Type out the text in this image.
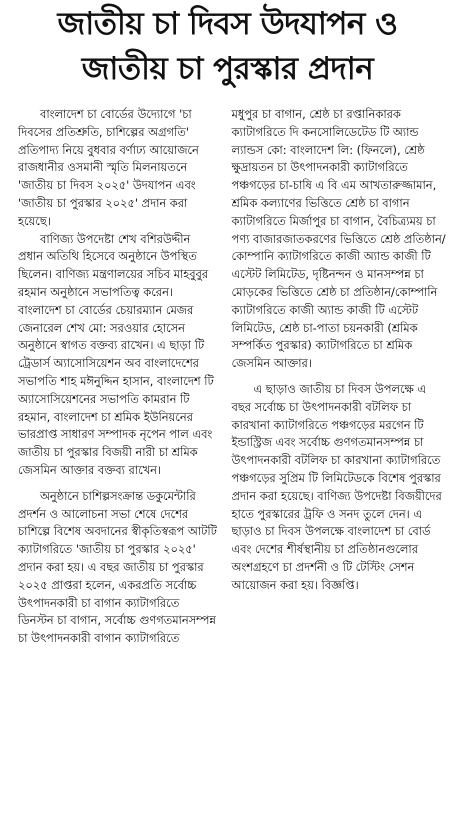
জাতীয় চা দিবস উদযাপন ও
জাতীয় চা পুরস্কার প্রদান

বাংলাদেশ চা বোর্ডের উদ্যোগে 'চা দিবসের প্রতিশ্রুতি, চাশিল্পের অগ্রগতি' প্রতিপাদ্য নিয়ে বুধবার বর্ণাঢ্য আয়োজনে রাজধানীর ওসমানী স্মৃতি মিলনায়তনে 'জাতীয় চা দিবস ২০২৫' উদযাপন এবং 'জাতীয় চা পুরস্কার ২০২৫' প্রদান করা হয়েছে।

বাণিজ্য উপদেষ্টা শেখ বশিরউদ্দীন প্রধান অতিথি হিসেবে অনুষ্ঠানে উপস্থিত ছিলেন। বাণিজ্য মন্ত্রণালয়ের সচিব মাহবুবুর রহমান অনুষ্ঠানে সভাপতিত্ব করেন। বাংলাদেশ চা বোর্ডের চেয়ারম্যান মেজর জেনারেল শেখ মো: সরওয়ার হোসেন অনুষ্ঠানে স্বাগত বক্তব্য রাখেন। এ ছাড়া টি ট্রেডার্স অ্যাসোসিয়েশন অব বাংলাদেশের সভাপতি শাহ মঈনুদ্দিন হাসান, বাংলাদেশ টি অ্যাসোসিয়েশনের সভাপতি কামরান টি রহমান, বাংলাদেশ চা শ্রমিক ইউনিয়নের ভারপ্রাপ্ত সাধারণ সম্পাদক নৃপেন পাল এবং জাতীয় চা পুরস্কার বিজয়ী নারী চা শ্রমিক জেসমিন আক্তার বক্তব্য রাখেন।

অনুষ্ঠানে চাশিল্পসংক্রান্ত ডকুমেন্টারি প্রদর্শন ও আলোচনা সভা শেষে দেশের চাশিল্পে বিশেষ অবদানের স্বীকৃতিস্বরূপ আটটি ক্যাটাগরিতে 'জাতীয় চা পুরস্কার ২০২৫' প্রদান করা হয়। এ বছর জাতীয় চা পুরস্কার ২০২৫ প্রাপ্তরা হলেন, একরপ্রতি সর্বোচ্চ উৎপাদনকারী চা বাগান ক্যাটাগরিতে ডিনস্টন চা বাগান, সর্বোচ্চ গুণগতমানসম্পন্ন চা উৎপাদনকারী বাগান ক্যাটাগরিতে

মধুপুর চা বাগান, শ্রেষ্ঠ চা রপ্তানিকারক ক্যাটাগরিতে দি কনসোলিডেটেড টি অ্যান্ড ল্যান্ডস কো: বাংলাদেশ লি: (ফিনলে), শ্রেষ্ঠ ক্ষুদ্রায়তন চা উৎপাদনকারী ক্যাটাগরিতে পঞ্চগড়ের চা-চাষি এ বি এম আখতারুজ্জামান, শ্রমিক কল্যাণের ভিত্তিতে শ্রেষ্ঠ চা বাগান ক্যাটাগরিতে মির্জাপুর চা বাগান, বৈচিত্র্যময় চা পণ্য বাজারজাতকরণের ভিত্তিতে শ্রেষ্ঠ প্রতিষ্ঠান/কোম্পানি ক্যাটাগরিতে কাজী অ্যান্ড কাজী টি এস্টেট লিমিটেড, দৃষ্টিনন্দন ও মানসম্পন্ন চা মোড়কের ভিত্তিতে শ্রেষ্ঠ চা প্রতিষ্ঠান/কোম্পানি ক্যাটাগরিতে কাজী অ্যান্ড কাজী টি এস্টেট লিমিটেড, শ্রেষ্ঠ চা-পাতা চয়নকারী (শ্রমিক সম্পর্কিত পুরস্কার) ক্যাটাগরিতে চা শ্রমিক জেসমিন আক্তার।

এ ছাড়াও জাতীয় চা দিবস উপলক্ষে এ বছর সর্বোচ্চ চা উৎপাদনকারী বটলিফ চা কারখানা ক্যাটাগরিতে পঞ্চগড়ের মরগেন টি ইন্ডাস্ট্রিজ এবং সর্বোচ্চ গুণগতমানসম্পন্ন চা উৎপাদনকারী বটলিফ চা কারখানা ক্যাটাগরিতে পঞ্চগড়ের সুপ্রিম টি লিমিটেডকে বিশেষ পুরস্কার প্রদান করা হয়েছে। বাণিজ্য উপদেষ্টা বিজয়ীদের হাতে পুরস্কারের ট্রফি ও সনদ তুলে দেন। এ ছাড়াও চা দিবস উপলক্ষে বাংলাদেশ চা বোর্ড এবং দেশের শীর্ষস্থানীয় চা প্রতিষ্ঠানগুলোর অংশগ্রহণে চা প্রদর্শনী ও টি টেস্টিং সেশন আয়োজন করা হয়। বিজ্ঞপ্তি।
